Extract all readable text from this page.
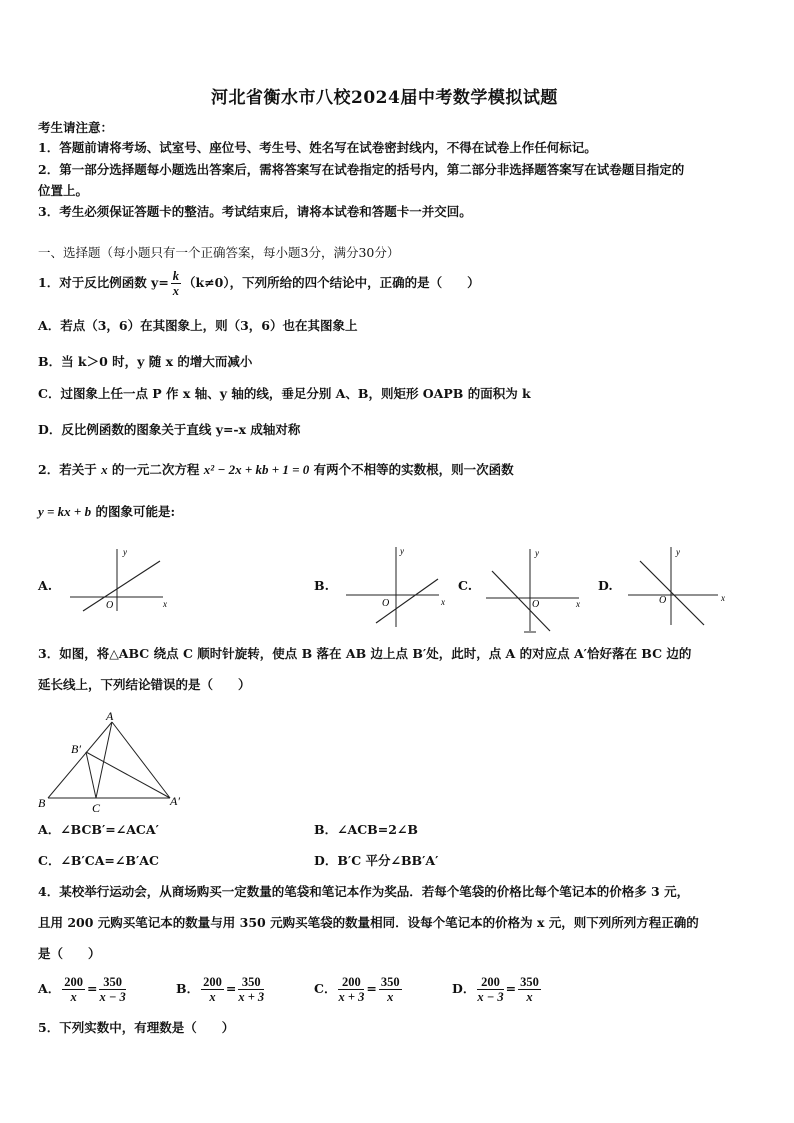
河北省衡水市八校2024届中考数学模拟试题
考生请注意：
1．答题前请将考场、试室号、座位号、考生号、姓名写在试卷密封线内，不得在试卷上作任何标记。
2．第一部分选择题每小题选出答案后，需将答案写在试卷指定的括号内，第二部分非选择题答案写在试卷题目指定的
位置上。
3．考生必须保证答题卡的整洁。考试结束后，请将本试卷和答题卡一并交回。
一、选择题（每小题只有一个正确答案，每小题3分，满分30分）
1．对于反比例函数 $y= \frac{k}{x} (k\ne 0)$，下列所给的四个结论中，正确的是（　　）
A．若点（3，6）在其图象上，则（3，6）也在其图象上
B．当 k＞0 时，y 随 x 的增大而减小
C．过图象上任一点 P 作 x 轴、y 轴的线，垂足分别 A、B，则矩形 OAPB 的面积为 k
D．反比例函数的图象关于直线 y=-x 成轴对称
2．若关于 x 的一元二次方程 x² − 2x + kb + 1 = 0 有两个不相等的实数根，则一次函数
y = kx + b 的图象可能是:
A.	B.	C.	D.
y
x
O
y
x
O
y
x
O
y
x
O
3．如图，将△ABC 绕点 C 顺时针旋转，使点 B 落在 AB 边上点 B′处，此时，点 A 的对应点 A′恰好落在 BC 边的
延长线上，下列结论错误的是（　　）
A
B′
B	C	A′
A．∠BCB′=∠ACA′	B．∠ACB=2∠B
C．∠B′CA=∠B′AC	D．B′C 平分∠BB′A′
4．某校举行运动会，从商场购买一定数量的笔袋和笔记本作为奖品．若每个笔袋的价格比每个笔记本的价格多 3 元，
且用 200 元购买笔记本的数量与用 350 元购买笔袋的数量相同．设每个笔记本的价格为 x 元，则下列所列方程正确的
是（　　）
A． $\frac{200}{x} = \frac{350}{x - 3}$	B． $\frac{200}{x} = \frac{350}{x + 3}$	C． $\frac{200}{x + 3} = \frac{350}{x}$	D． $\frac{200}{x - 3} = \frac{350}{x}$
5．下列实数中，有理数是（　　）
